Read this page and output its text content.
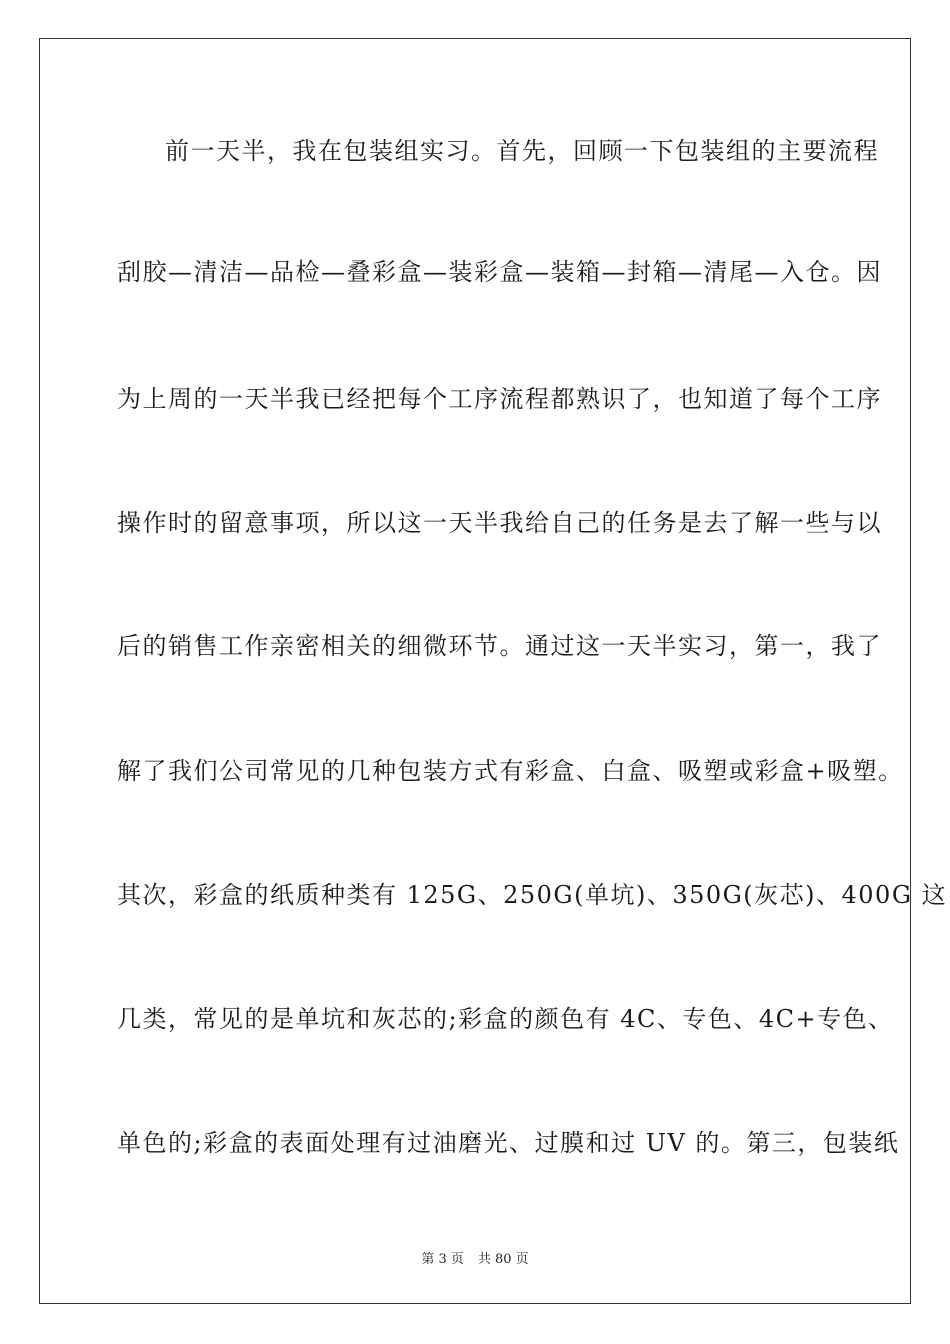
前一天半，我在包装组实习。首先，回顾一下包装组的主要流程
刮胶—清洁—品检—叠彩盒—装彩盒—装箱—封箱—清尾—入仓。因
为上周的一天半我已经把每个工序流程都熟识了，也知道了每个工序
操作时的留意事项，所以这一天半我给自己的任务是去了解一些与以
后的销售工作亲密相关的细微环节。通过这一天半实习，第一，我了
解了我们公司常见的几种包装方式有彩盒、白盒、吸塑或彩盒+吸塑。
其次，彩盒的纸质种类有 125G、250G(单坑)、350G(灰芯)、400G 这
几类，常见的是单坑和灰芯的;彩盒的颜色有 4C、专色、4C+专色、
单色的;彩盒的表面处理有过油磨光、过膜和过 UV 的。第三，包装纸
第 3 页 共 80 页
